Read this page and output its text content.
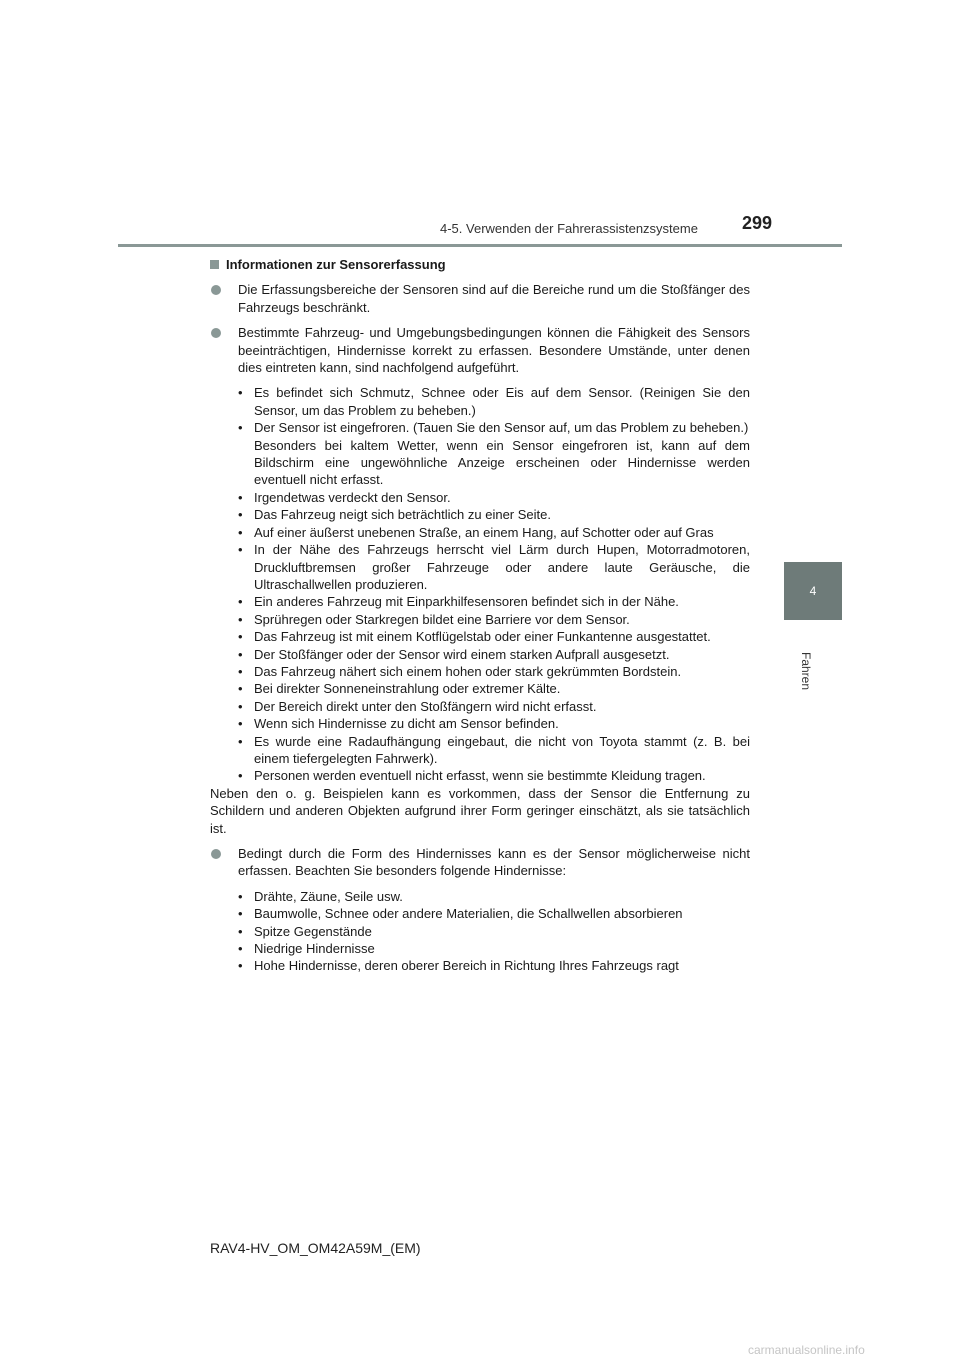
4-5. Verwenden der Fahrerassistenzsysteme 299
4
Fahren
Informationen zur Sensorerfassung
Die Erfassungsbereiche der Sensoren sind auf die Bereiche rund um die Stoßfänger des Fahrzeugs beschränkt.
Bestimmte Fahrzeug- und Umgebungsbedingungen können die Fähigkeit des Sensors beeinträchtigen, Hindernisse korrekt zu erfassen. Besondere Umstände, unter denen dies eintreten kann, sind nachfolgend aufgeführt.
• Es befindet sich Schmutz, Schnee oder Eis auf dem Sensor. (Reinigen Sie den Sensor, um das Problem zu beheben.)
• Der Sensor ist eingefroren. (Tauen Sie den Sensor auf, um das Problem zu beheben.)
Besonders bei kaltem Wetter, wenn ein Sensor eingefroren ist, kann auf dem Bildschirm eine ungewöhnliche Anzeige erscheinen oder Hindernisse werden eventuell nicht erfasst.
• Irgendetwas verdeckt den Sensor.
• Das Fahrzeug neigt sich beträchtlich zu einer Seite.
• Auf einer äußerst unebenen Straße, an einem Hang, auf Schotter oder auf Gras
• In der Nähe des Fahrzeugs herrscht viel Lärm durch Hupen, Motorradmotoren, Druckluftbremsen großer Fahrzeuge oder andere laute Geräusche, die Ultraschallwellen produzieren.
• Ein anderes Fahrzeug mit Einparkhilfesensoren befindet sich in der Nähe.
• Sprühregen oder Starkregen bildet eine Barriere vor dem Sensor.
• Das Fahrzeug ist mit einem Kotflügelstab oder einer Funkantenne ausgestattet.
• Der Stoßfänger oder der Sensor wird einem starken Aufprall ausgesetzt.
• Das Fahrzeug nähert sich einem hohen oder stark gekrümmten Bordstein.
• Bei direkter Sonneneinstrahlung oder extremer Kälte.
• Der Bereich direkt unter den Stoßfängern wird nicht erfasst.
• Wenn sich Hindernisse zu dicht am Sensor befinden.
• Es wurde eine Radaufhängung eingebaut, die nicht von Toyota stammt (z. B. bei einem tiefergelegten Fahrwerk).
• Personen werden eventuell nicht erfasst, wenn sie bestimmte Kleidung tragen.
Neben den o. g. Beispielen kann es vorkommen, dass der Sensor die Entfernung zu Schildern und anderen Objekten aufgrund ihrer Form geringer einschätzt, als sie tatsächlich ist.
Bedingt durch die Form des Hindernisses kann es der Sensor möglicherweise nicht erfassen. Beachten Sie besonders folgende Hindernisse:
• Drähte, Zäune, Seile usw.
• Baumwolle, Schnee oder andere Materialien, die Schallwellen absorbieren
• Spitze Gegenstände
• Niedrige Hindernisse
• Hohe Hindernisse, deren oberer Bereich in Richtung Ihres Fahrzeugs ragt
RAV4-HV_OM_OM42A59M_(EM)
carmanualsonline.info
